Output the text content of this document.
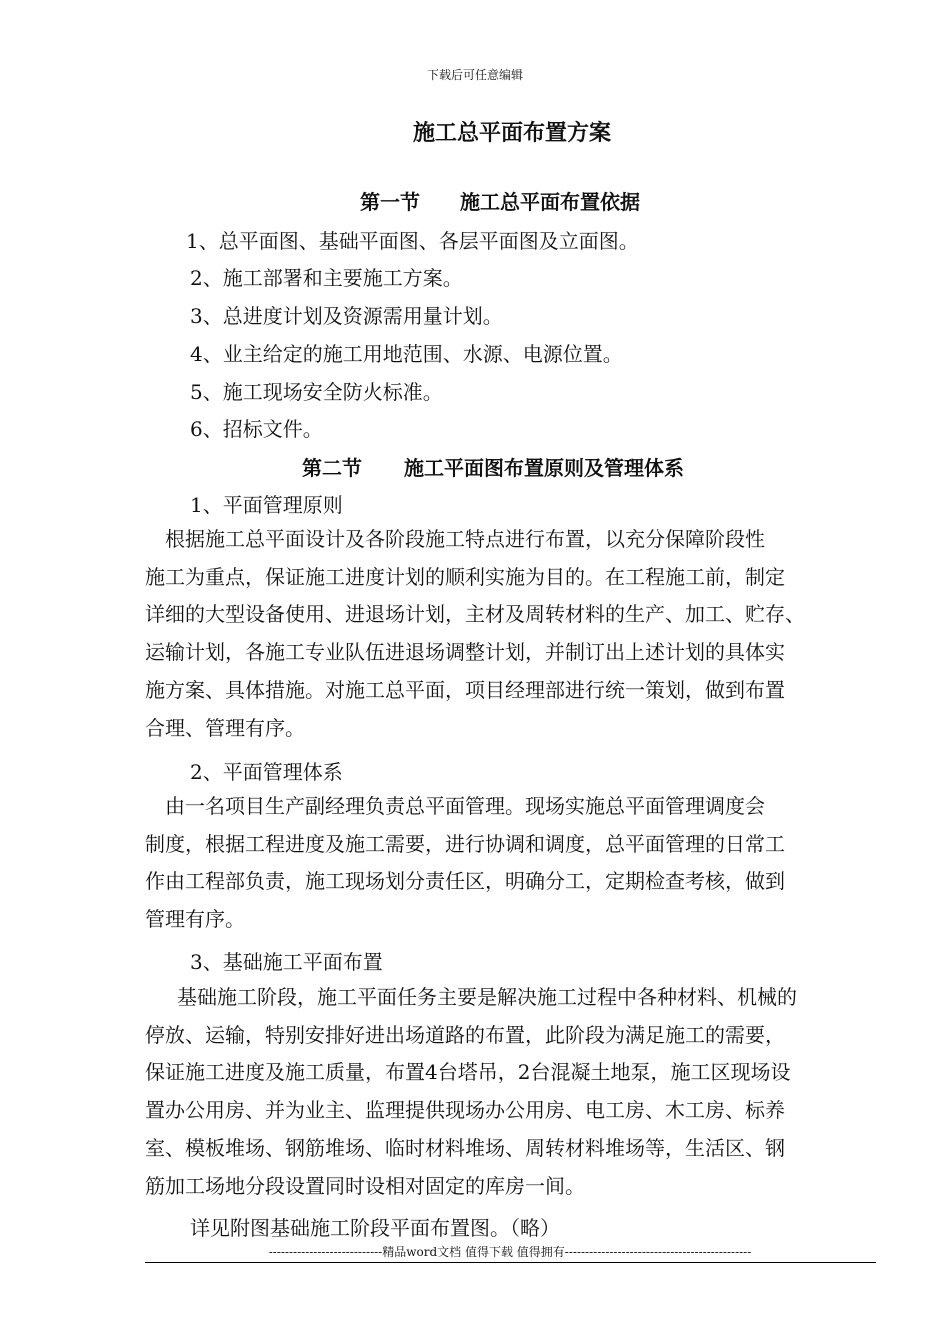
下载后可任意编辑
施工总平面布置方案
第一节 施工总平面布置依据
1、总平面图、基础平面图、各层平面图及立面图。
2、施工部署和主要施工方案。
3、总进度计划及资源需用量计划。
4、业主给定的施工用地范围、水源、电源位置。
5、施工现场安全防火标准。
6、招标文件。
第二节 施工平面图布置原则及管理体系
1、平面管理原则

　根据施工总平面设计及各阶段施工特点进行布置，以充分保障阶段性

施工为重点，保证施工进度计划的顺利实施为目的。在工程施工前，制定

详细的大型设备使用、进退场计划，主材及周转材料的生产、加工、贮存、

运输计划，各施工专业队伍进退场调整计划，并制订出上述计划的具体实

施方案、具体措施。对施工总平面，项目经理部进行统一策划，做到布置

合理、管理有序。

2、平面管理体系

　由一名项目生产副经理负责总平面管理。现场实施总平面管理调度会

制度，根据工程进度及施工需要，进行协调和调度，总平面管理的日常工

作由工程部负责，施工现场划分责任区，明确分工，定期检查考核，做到

管理有序。

3、基础施工平面布置

基础施工阶段，施工平面任务主要是解决施工过程中各种材料、机械的

停放、运输，特别安排好进出场道路的布置，此阶段为满足施工的需要，

保证施工进度及施工质量，布置4台塔吊，2台混凝土地泵，施工区现场设

置办公用房、并为业主、监理提供现场办公用房、电工房、木工房、标养

室、模板堆场、钢筋堆场、临时材料堆场、周转材料堆场等，生活区、钢

筋加工场地分段设置同时设相对固定的库房一间。

详见附图基础施工阶段平面布置图。（略）
----------------------------精品word文档 值得下载 值得拥有----------------------------------------------
